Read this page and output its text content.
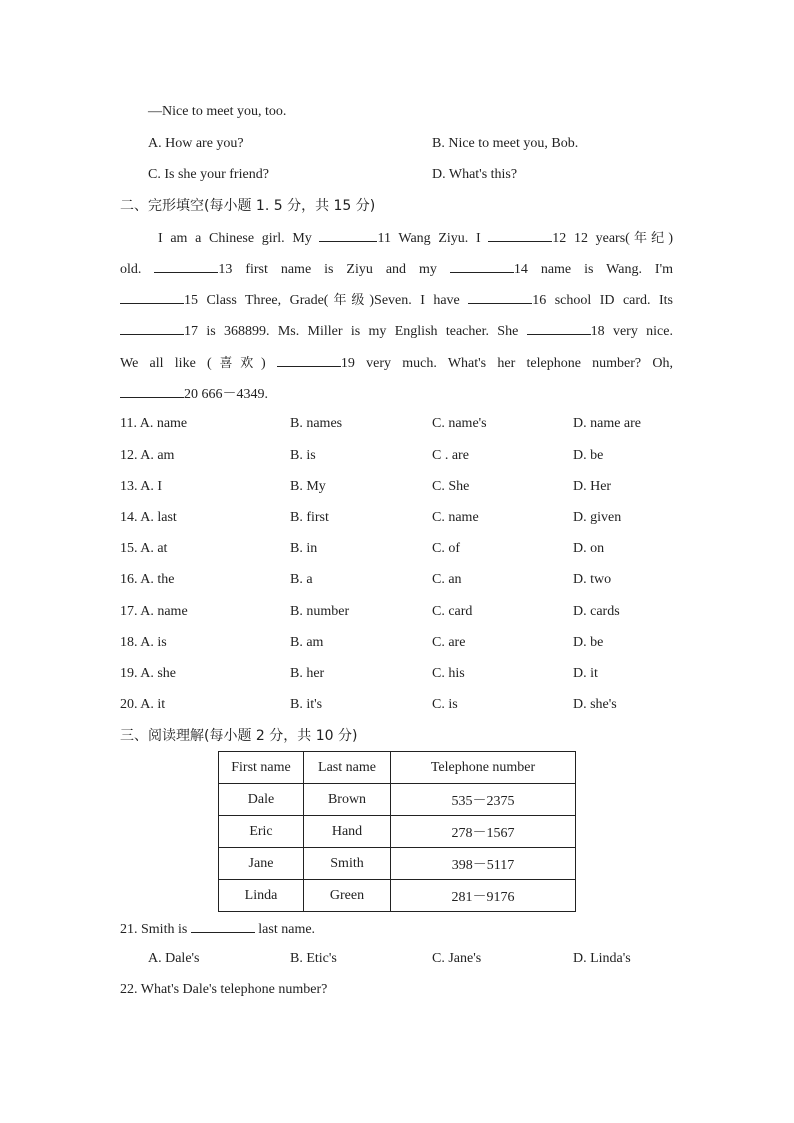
—Nice to meet you, too.
A. How are you?	B. Nice to meet you, Bob.
C. Is she your friend?	D. What's this?
二、完形填空(每小题 1. 5 分，共 15 分)
I am a Chinese girl. My	11 Wang Ziyu. I	12 12 years(年纪)
old.	13 first name is Ziyu and my	14 name is Wang. I'm
15 Class Three, Grade(年级)Seven. I have	16 school ID card. Its
17 is 368899. Ms. Miller is my English teacher. She	18 very nice.
We all like (喜欢)	19 very much. What's her telephone number? Oh,
20 666－4349.
11. A. name	B. names	C. name's	D. name are
12. A. am	B. is	C . are	D. be
13. A. I	B. My	C. She	D. Her
14. A. last	B. first	C. name	D. given
15. A. at	B. in	C. of	D. on
16. A. the	B. a	C. an	D. two
17. A. name	B. number	C. card	D. cards
18. A. is	B. am	C. are	D. be
19. A. she	B. her	C. his	D. it
20. A. it	B. it's	C. is	D. she's
三、阅读理解(每小题 2 分，共 10 分)
First name	Last name	Telephone number
Dale	Brown	535－2375
Eric	Hand	278－1567
Jane	Smith	398－5117
Linda	Green	281－9176
21. Smith is	last name.
A. Dale's	B. Etic's	C. Jane's	D. Linda's
22. What's Dale's telephone number?
